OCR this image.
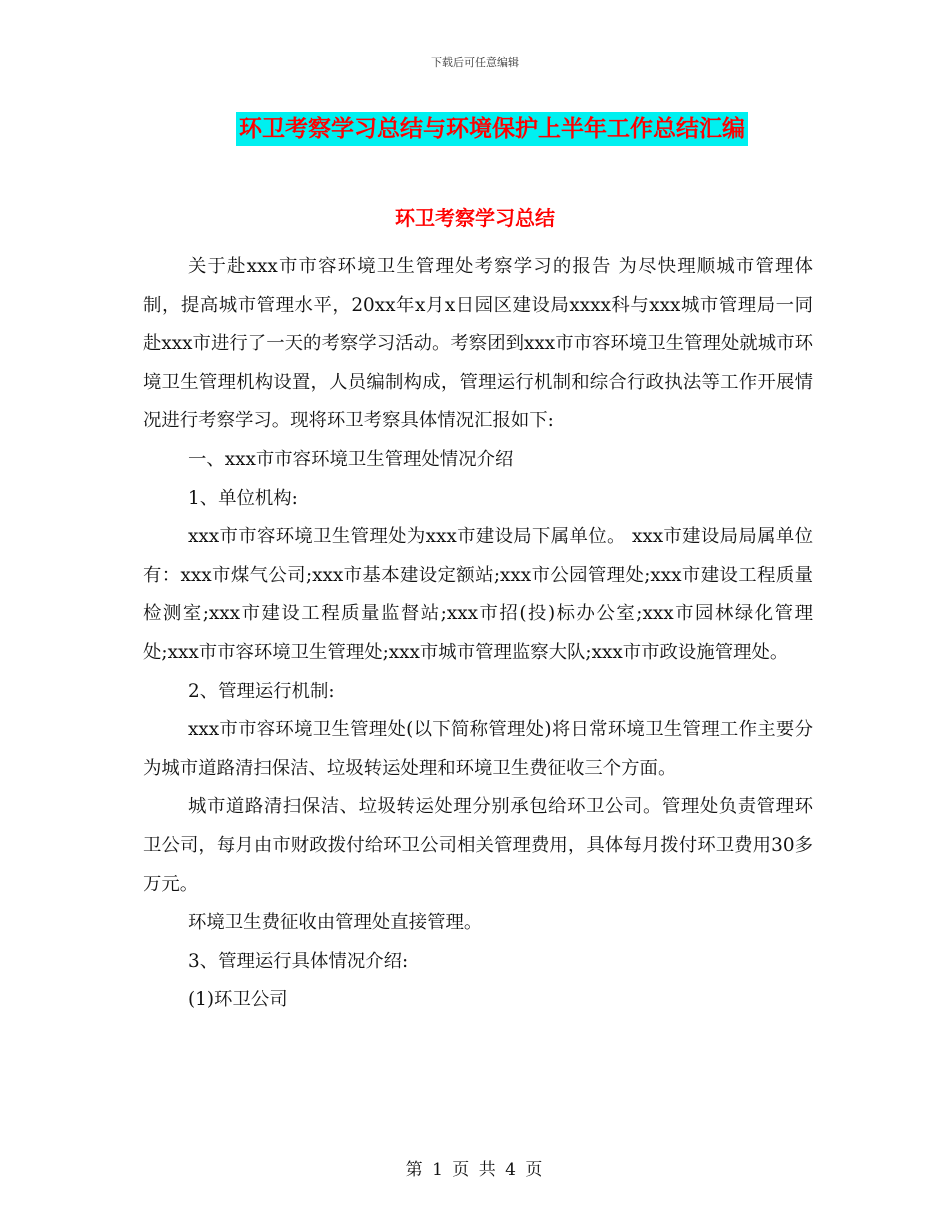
下载后可任意编辑
环卫考察学习总结与环境保护上半年工作总结汇编
环卫考察学习总结

关于赴xxx市市容环境卫生管理处考察学习的报告 为尽快理顺城市管理体制，提高城市管理水平，20xx年x月x日园区建设局xxxx科与xxx城市管理局一同赴xxx市进行了一天的考察学习活动。考察团到xxx市市容环境卫生管理处就城市环境卫生管理机构设置，人员编制构成，管理运行机制和综合行政执法等工作开展情况进行考察学习。现将环卫考察具体情况汇报如下:

一、xxx市市容环境卫生管理处情况介绍

1、单位机构:

xxx市市容环境卫生管理处为xxx市建设局下属单位。 xxx市建设局局属单位有：xxx市煤气公司;xxx市基本建设定额站;xxx市公园管理处;xxx市建设工程质量检测室;xxx市建设工程质量监督站;xxx市招(投)标办公室;xxx市园林绿化管理处;xxx市市容环境卫生管理处;xxx市城市管理监察大队;xxx市市政设施管理处。

2、管理运行机制:

xxx市市容环境卫生管理处(以下简称管理处)将日常环境卫生管理工作主要分为城市道路清扫保洁、垃圾转运处理和环境卫生费征收三个方面。

城市道路清扫保洁、垃圾转运处理分别承包给环卫公司。管理处负责管理环卫公司，每月由市财政拨付给环卫公司相关管理费用，具体每月拨付环卫费用30多万元。

环境卫生费征收由管理处直接管理。

3、管理运行具体情况介绍:

(1)环卫公司

第 1 页 共 4 页
